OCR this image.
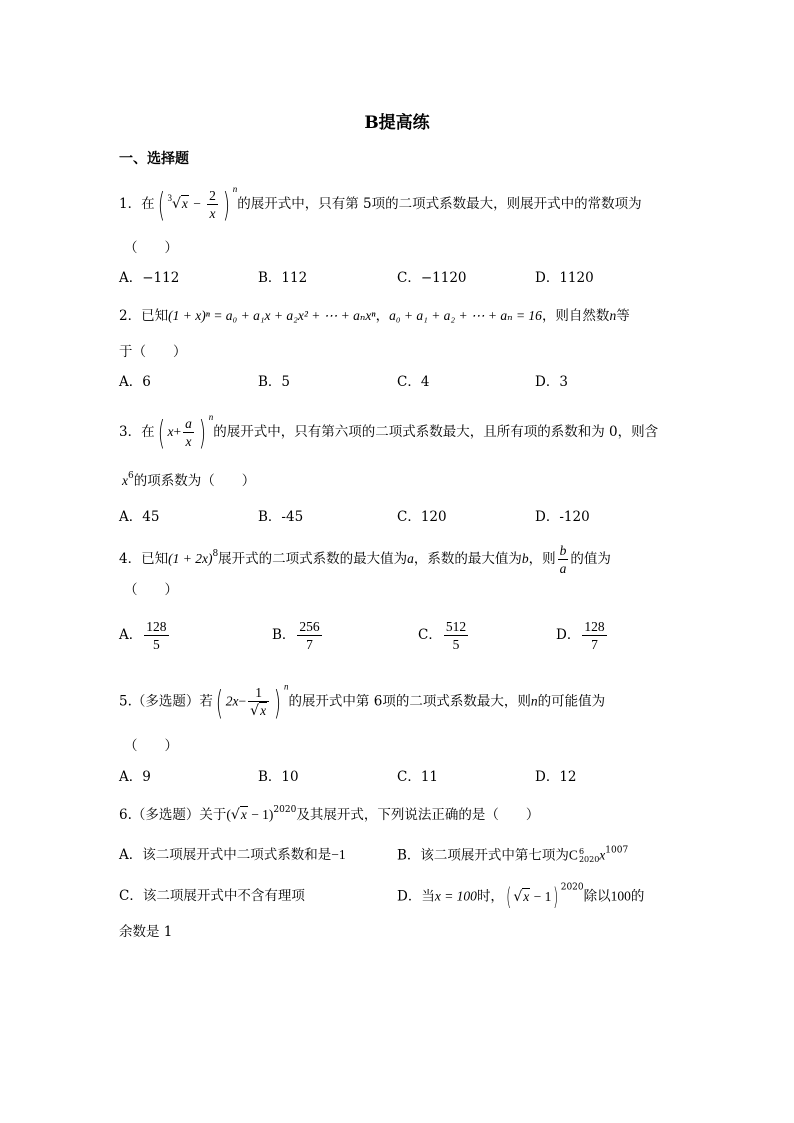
B提高练
一、选择题
1．在( $^3√x - \frac{2}{x}$ ) $^n$的展开式中，只有第 5项的二项式系数最大，则展开式中的常数项为
（　　）
A．−112	B．112	C．−1120	D．1120
2．已知(1 + x)ⁿ = a₀ + a₁x + a₂x² + ⋯ + aₙxⁿ，a₀ + a₁ + a₂ + ⋯ + aₙ = 16，则自然数n等
于（　　）
A．6	B．5	C．4	D．3
3．在( $x+ \frac{a}{x}$ ) $^n$的展开式中，只有第六项的二项式系数最大，且所有项的系数和为 0，则含
$x^6$的项系数为（　　）
A．45	B．-45	C．120	D．-120
4．已知$(1 + 2x)^8$展开式的二项式系数的最大值为a，系数的最大值为b，则 $\frac{b}{a}$ 的值为
（　　）
A． $\frac{128}{5}$	B． $\frac{256}{7}$	C． $\frac{512}{5}$	D． $\frac{128}{7}$
5.（多选题）若( $2x- \frac{1}{√x}$ ) $^n$的展开式中第 6项的二项式系数最大，则n的可能值为
（　　）
A．9	B．10	C．11	D．12
6.（多选题）关于$(√x - 1)^{2020}$及其展开式，下列说法正确的是（　　）
A．该二项展开式中二项式系数和是−1	B．该二项展开式中第七项为C 6
2020 $x^{1007}$
C．该二项展开式中不含有理项	D．当x = 100时，( √x − 1) $^{2020}$除以100的
余数是 1
